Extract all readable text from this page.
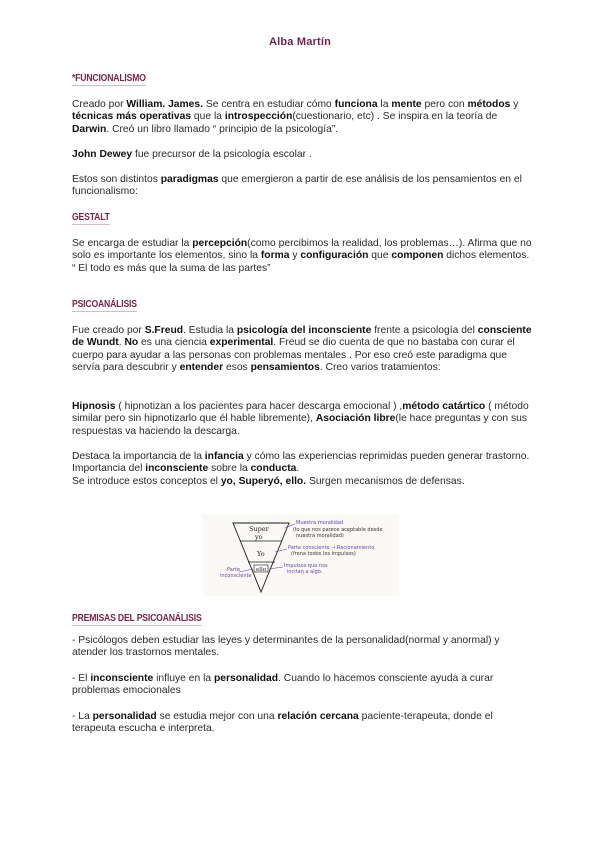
Alba Martín
*FUNCIONALISMO
Creado por William. James. Se centra en estudiar cómo funciona la mente pero con métodos y técnicas más operativas que la introspección(cuestionario, etc) . Se inspira en la teoría de Darwin. Creó un libro llamado “ principio de la psicología”.
John Dewey fue precursor de la psicología escolar .
Estos son distintos paradigmas que emergieron a partir de ese análisis de los pensamientos en el funcionalismo:
GESTALT
Se encarga de estudiar la percepción(como percibimos la realidad, los problemas…). Afirma que no solo es importante los elementos, sino la forma y configuración que componen dichos elementos.
“ El todo es más que la suma de las partes”
PSICOANÁLISIS
Fue creado por S.Freud. Estudia la psicología del inconsciente frente a psicología del consciente de Wundt. No es una ciencia experimental. Freud se dio cuenta de que no bastaba con curar el cuerpo para ayudar a las personas con problemas mentales . Por eso creó este paradigma que servía para descubrir y entender esos pensamientos. Creo varios tratamientos:
Hipnosis ( hipnotizan a los pacientes para hacer descarga emocional ) ,método catártico ( método similar pero sin hipnotizarlo que él hable libremente), Asociación libre(le hace preguntas y con sus respuestas va haciendo la descarga.
Destaca la importancia de la infancia y cómo las experiencias reprimidas pueden generar trastorno.
Importancia del inconsciente sobre la conducta.
Se introduce estos conceptos el yo, Superyó, ello. Surgen mecanismos de defensas.
Super
yo
Yo
ello
Muestra moralidad
(lo que nos parece aceptable desde
nuestra moralidad)
Parte consciente → Racionamiento
(frena todos los impulsos)
Parte
inconsciente
Impulsos que nos
incitan a algo.
PREMISAS DEL PSICOANÁLISIS
- Psicólogos deben estudiar las leyes y determinantes de la personalidad(normal y anormal) y atender los trastornos mentales.
- El inconsciente influye en la personalidad. Cuando lo hacemos consciente ayuda a curar problemas emocionales
- La personalidad se estudia mejor con una relación cercana paciente-terapeuta, donde el terapeuta escucha e interpreta.
